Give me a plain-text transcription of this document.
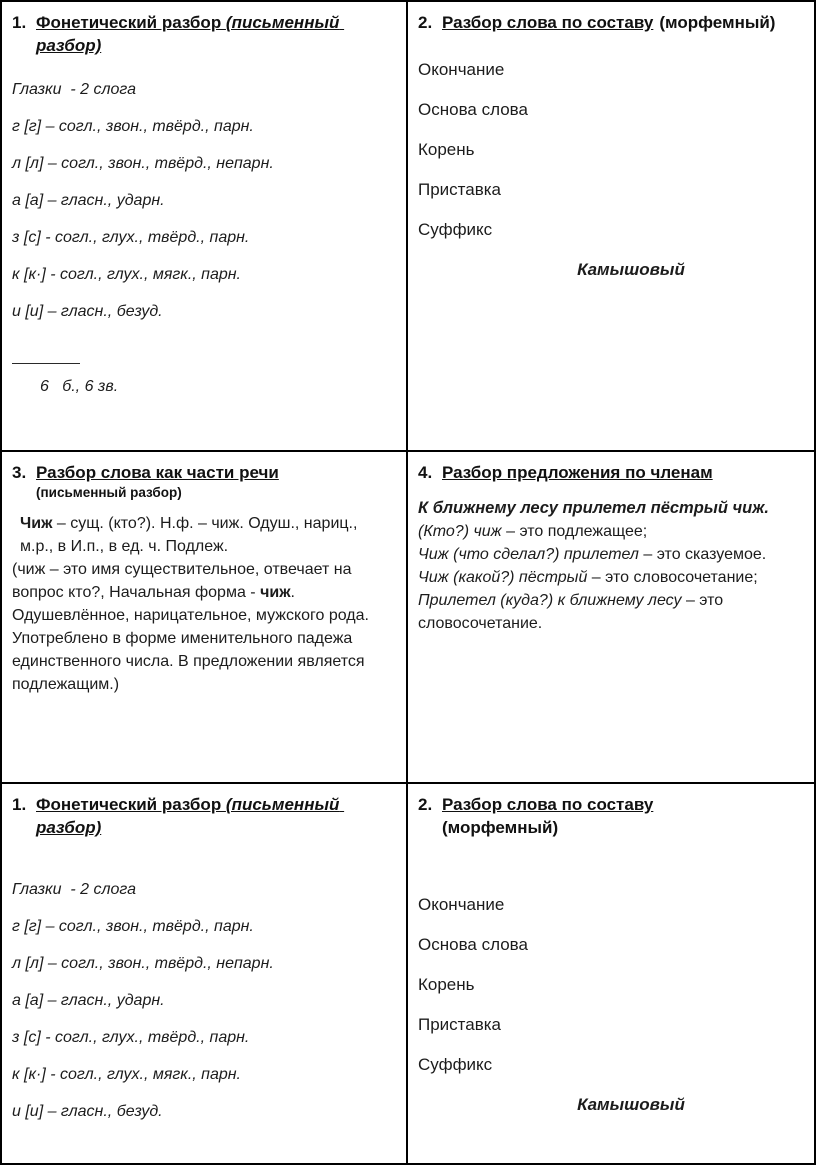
1. Фонетический разбор (письменный разбор)

Глазки  - 2 слога

г [г] – согл., звон., твёрд., парн.

л [л] – согл., звон., твёрд., непарн.

а [а] – гласн., ударн.

з [с] - согл., глух., твёрд., парн.

к [к·] - согл., глух., мягк., парн.

и [и] – гласн., безуд.

6   б., 6 зв.

2. Разбор слова по составу (морфемный)

Окончание

Основа слова

Корень

Приставка

Суффикс

Камышовый

3. Разбор слова как части речи
(письменный разбор)

Чиж – сущ. (кто?). Н.ф. – чиж. Одуш., нариц., м.р., в И.п., в ед. ч. Подлеж.

(чиж – это имя существительное, отвечает на вопрос кто?, Начальная форма - чиж. Одушевлённое, нарицательное, мужского рода. Употреблено в форме именительного падежа единственного числа. В предложении является подлежащим.)

4. Разбор предложения по членам

К ближнему лесу прилетел пёстрый чиж.

(Кто?) чиж – это подлежащее;

Чиж (что сделал?) прилетел – это сказуемое.

Чиж (какой?) пёстрый – это словосочетание;

Прилетел (куда?) к ближнему лесу – это словосочетание.

1. Фонетический разбор (письменный разбор)

Глазки  - 2 слога

г [г] – согл., звон., твёрд., парн.

л [л] – согл., звон., твёрд., непарн.

а [а] – гласн., ударн.

з [с] - согл., глух., твёрд., парн.

к [к·] - согл., глух., мягк., парн.

и [и] – гласн., безуд.

2. Разбор слова по составу
(морфемный)

Окончание

Основа слова

Корень

Приставка

Суффикс

Камышовый
